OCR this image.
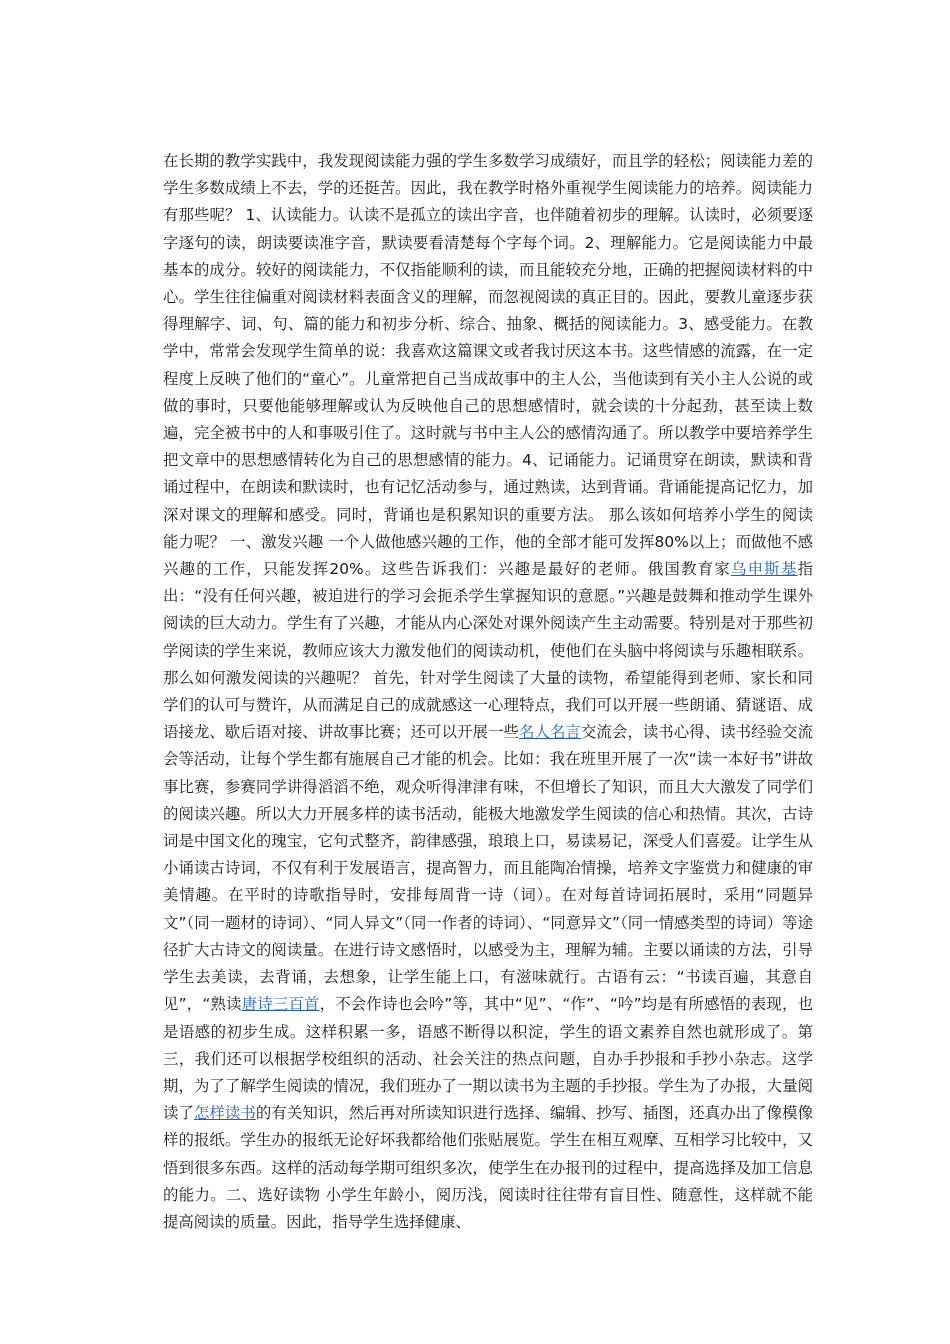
在长期的教学实践中，我发现阅读能力强的学生多数学习成绩好，而且学的轻松；阅读能力差的学生多数成绩上不去，学的还挺苦。因此，我在教学时格外重视学生阅读能力的培养。阅读能力有那些呢？ 1、认读能力。认读不是孤立的读出字音，也伴随着初步的理解。认读时，必须要逐字逐句的读，朗读要读准字音，默读要看清楚每个字每个词。2、理解能力。它是阅读能力中最基本的成分。较好的阅读能力，不仅指能顺利的读，而且能较充分地，正确的把握阅读材料的中心。学生往往偏重对阅读材料表面含义的理解，而忽视阅读的真正目的。因此，要教儿童逐步获得理解字、词、句、篇的能力和初步分析、综合、抽象、概括的阅读能力。3、感受能力。在教学中，常常会发现学生简单的说：我喜欢这篇课文或者我讨厌这本书。这些情感的流露，在一定程度上反映了他们的“童心”。儿童常把自己当成故事中的主人公，当他读到有关小主人公说的或做的事时，只要他能够理解或认为反映他自己的思想感情时，就会读的十分起劲，甚至读上数遍，完全被书中的人和事吸引住了。这时就与书中主人公的感情沟通了。所以教学中要培养学生把文章中的思想感情转化为自己的思想感情的能力。4、记诵能力。记诵贯穿在朗读，默读和背诵过程中，在朗读和默读时，也有记忆活动参与，通过熟读，达到背诵。背诵能提高记忆力，加深对课文的理解和感受。同时，背诵也是积累知识的重要方法。 那么该如何培养小学生的阅读能力呢？ 一、激发兴趣 一个人做他感兴趣的工作，他的全部才能可发挥80%以上；而做他不感兴趣的工作，只能发挥20%。这些告诉我们：兴趣是最好的老师。俄国教育家乌申斯基指出：“没有任何兴趣，被迫进行的学习会扼杀学生掌握知识的意愿。”兴趣是鼓舞和推动学生课外阅读的巨大动力。学生有了兴趣，才能从内心深处对课外阅读产生主动需要。特别是对于那些初学阅读的学生来说，教师应该大力激发他们的阅读动机，使他们在头脑中将阅读与乐趣相联系。那么如何激发阅读的兴趣呢？ 首先，针对学生阅读了大量的读物，希望能得到老师、家长和同学们的认可与赞许，从而满足自己的成就感这一心理特点，我们可以开展一些朗诵、猜谜语、成语接龙、歇后语对接、讲故事比赛；还可以开展一些名人名言交流会，读书心得、读书经验交流会等活动，让每个学生都有施展自己才能的机会。比如：我在班里开展了一次“读一本好书”讲故事比赛，参赛同学讲得滔滔不绝，观众听得津津有味，不但增长了知识，而且大大激发了同学们的阅读兴趣。所以大力开展多样的读书活动，能极大地激发学生阅读的信心和热情。其次，古诗词是中国文化的瑰宝，它句式整齐，韵律感强，琅琅上口，易读易记，深受人们喜爱。让学生从小诵读古诗词，不仅有利于发展语言，提高智力，而且能陶冶情操，培养文字鉴赏力和健康的审美情趣。在平时的诗歌指导时，安排每周背一诗（词）。在对每首诗词拓展时，采用“同题异文”（同一题材的诗词）、“同人异文”（同一作者的诗词）、“同意异文”（同一情感类型的诗词）等途径扩大古诗文的阅读量。在进行诗文感悟时，以感受为主，理解为辅。主要以诵读的方法，引导学生去美读，去背诵，去想象，让学生能上口，有滋味就行。古语有云：“书读百遍，其意自见”，“熟读唐诗三百首，不会作诗也会吟”等，其中“见”、“作”、“吟”均是有所感悟的表现，也是语感的初步生成。这样积累一多，语感不断得以积淀，学生的语文素养自然也就形成了。第三，我们还可以根据学校组织的活动、社会关注的热点问题，自办手抄报和手抄小杂志。这学期，为了了解学生阅读的情况，我们班办了一期以读书为主题的手抄报。学生为了办报，大量阅读了怎样读书的有关知识，然后再对所读知识进行选择、编辑、抄写、插图，还真办出了像模像样的报纸。学生办的报纸无论好坏我都给他们张贴展览。学生在相互观摩、互相学习比较中，又悟到很多东西。这样的活动每学期可组织多次，使学生在办报刊的过程中，提高选择及加工信息的能力。二、选好读物 小学生年龄小，阅历浅，阅读时往往带有盲目性、随意性，这样就不能提高阅读的质量。因此，指导学生选择健康、
